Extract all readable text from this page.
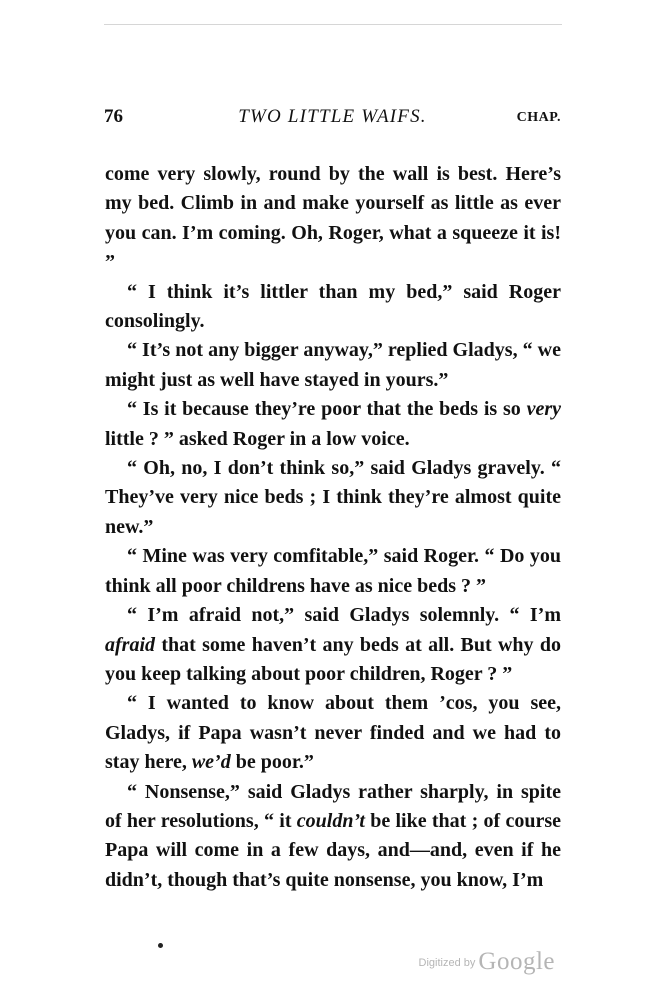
76	TWO LITTLE WAIFS.	CHAP.

come very slowly, round by the wall is best. Here’s my bed. Climb in and make yourself as little as ever you can. I’m coming. Oh, Roger, what a squeeze it is! ”

“ I think it’s littler than my bed,” said Roger consolingly.

“ It’s not any bigger anyway,” replied Gladys, “ we might just as well have stayed in yours.”

“ Is it because they’re poor that the beds is so very little ? ” asked Roger in a low voice.

“ Oh, no, I don’t think so,” said Gladys gravely. “ They’ve very nice beds ; I think they’re almost quite new.”

“ Mine was very comfitable,” said Roger. “ Do you think all poor childrens have as nice beds ? ”

“ I’m afraid not,” said Gladys solemnly. “ I’m afraid that some haven’t any beds at all. But why do you keep talking about poor children, Roger ? ”

“ I wanted to know about them ’cos, you see, Gladys, if Papa wasn’t never finded and we had to stay here, we’d be poor.”

“ Nonsense,” said Gladys rather sharply, in spite of her resolutions, “ it couldn’t be like that ; of course Papa will come in a few days, and—and, even if he didn’t, though that’s quite nonsense, you know, I’m

Digitized by Google
